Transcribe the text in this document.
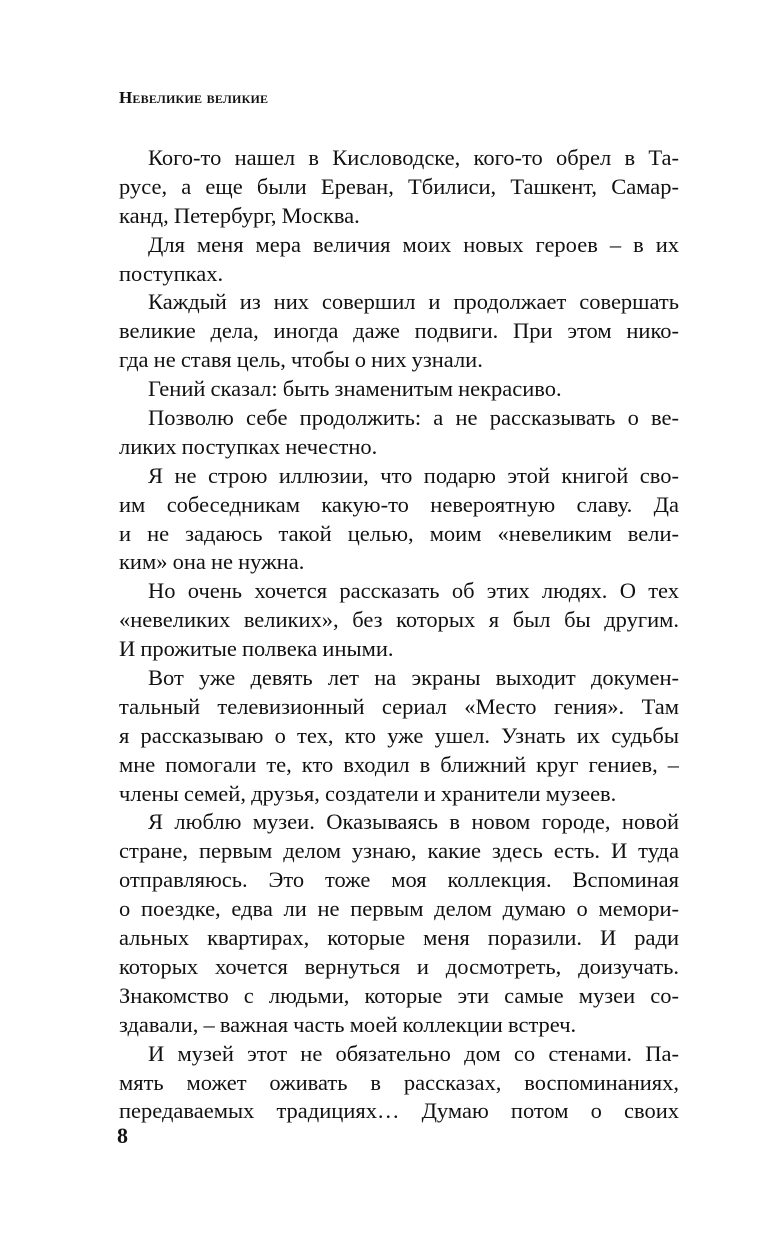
Невеликие великие
Кого-то нашел в Кисловодске, кого-то обрел в Та-
русе, а еще были Ереван, Тбилиси, Ташкент, Самар-
канд, Петербург, Москва.
Для меня мера величия моих новых героев – в их
поступках.
Каждый из них совершил и продолжает совершать
великие дела, иногда даже подвиги. При этом нико-
гда не ставя цель, чтобы о них узнали.
Гений сказал: быть знаменитым некрасиво.
Позволю себе продолжить: а не рассказывать о ве-
ликих поступках нечестно.
Я не строю иллюзии, что подарю этой книгой сво-
им собеседникам какую-то невероятную славу. Да
и не задаюсь такой целью, моим «невеликим вели-
ким» она не нужна.
Но очень хочется рассказать об этих людях. О тех
«невеликих великих», без которых я был бы другим.
И прожитые полвека иными.
Вот уже девять лет на экраны выходит докумен-
тальный телевизионный сериал «Место гения». Там
я рассказываю о тех, кто уже ушел. Узнать их судьбы
мне помогали те, кто входил в ближний круг гениев, –
члены семей, друзья, создатели и хранители музеев.
Я люблю музеи. Оказываясь в новом городе, новой
стране, первым делом узнаю, какие здесь есть. И туда
отправляюсь. Это тоже моя коллекция. Вспоминая
о поездке, едва ли не первым делом думаю о мемори-
альных квартирах, которые меня поразили. И ради
которых хочется вернуться и досмотреть, доизучать.
Знакомство с людьми, которые эти самые музеи со-
здавали, – важная часть моей коллекции встреч.
И музей этот не обязательно дом со стенами. Па-
мять может оживать в рассказах, воспоминаниях,
передаваемых традициях… Думаю потом о своих
8
